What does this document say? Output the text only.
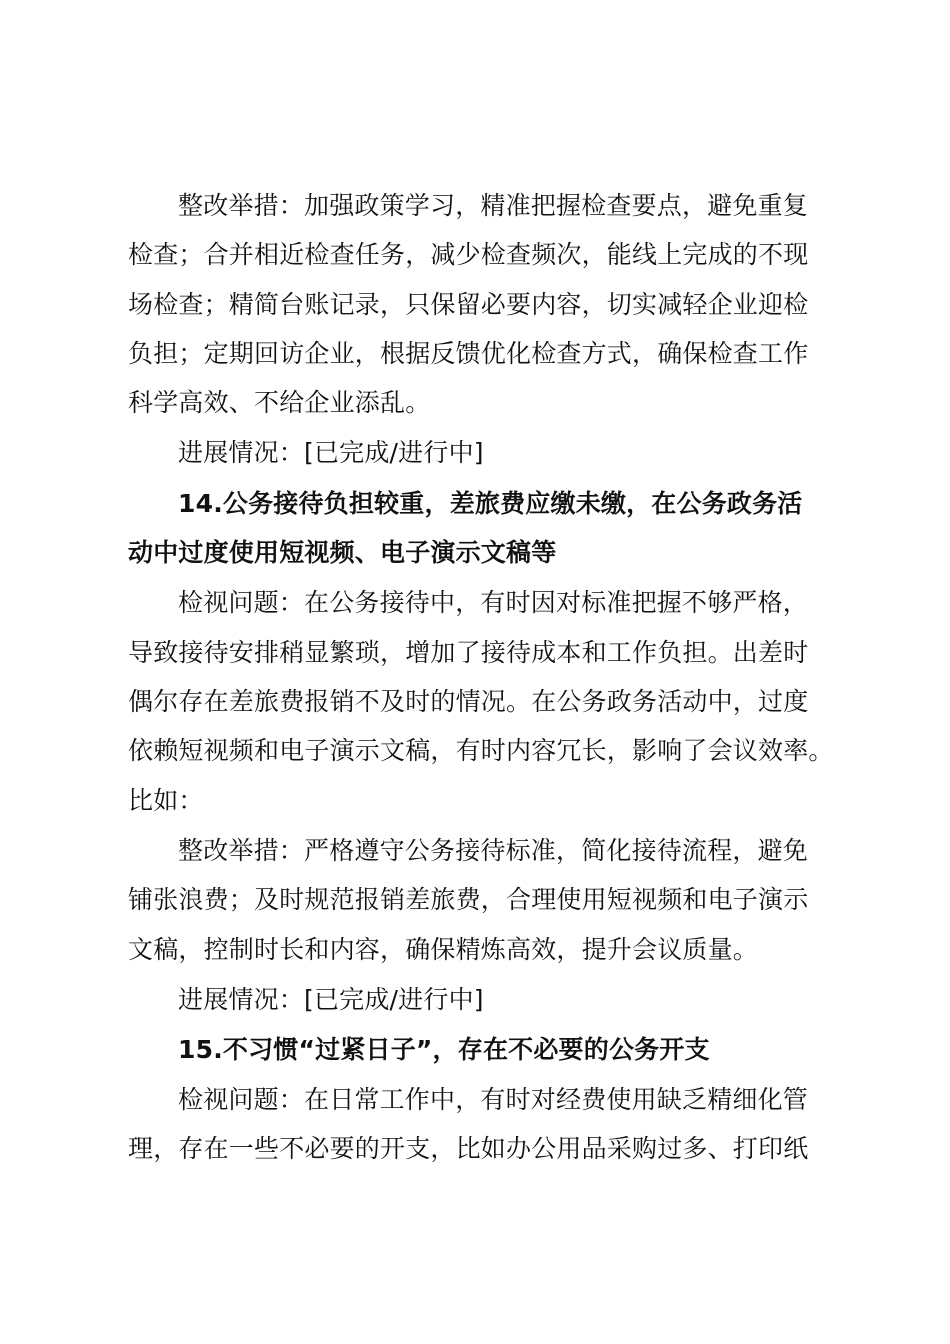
整改举措：加强政策学习，精准把握检查要点，避免重复
检查；合并相近检查任务，减少检查频次，能线上完成的不现
场检查；精简台账记录，只保留必要内容，切实减轻企业迎检
负担；定期回访企业，根据反馈优化检查方式，确保检查工作
科学高效、不给企业添乱。
进展情况：[已完成/进行中]
14.公务接待负担较重，差旅费应缴未缴，在公务政务活
动中过度使用短视频、电子演示文稿等
检视问题：在公务接待中，有时因对标准把握不够严格，
导致接待安排稍显繁琐，增加了接待成本和工作负担。出差时
偶尔存在差旅费报销不及时的情况。在公务政务活动中，过度
依赖短视频和电子演示文稿，有时内容冗长，影响了会议效率。
比如：
整改举措：严格遵守公务接待标准，简化接待流程，避免
铺张浪费；及时规范报销差旅费，合理使用短视频和电子演示
文稿，控制时长和内容，确保精炼高效，提升会议质量。
进展情况：[已完成/进行中]
15.不习惯“过紧日子”，存在不必要的公务开支
检视问题：在日常工作中，有时对经费使用缺乏精细化管
理，存在一些不必要的开支，比如办公用品采购过多、打印纸
